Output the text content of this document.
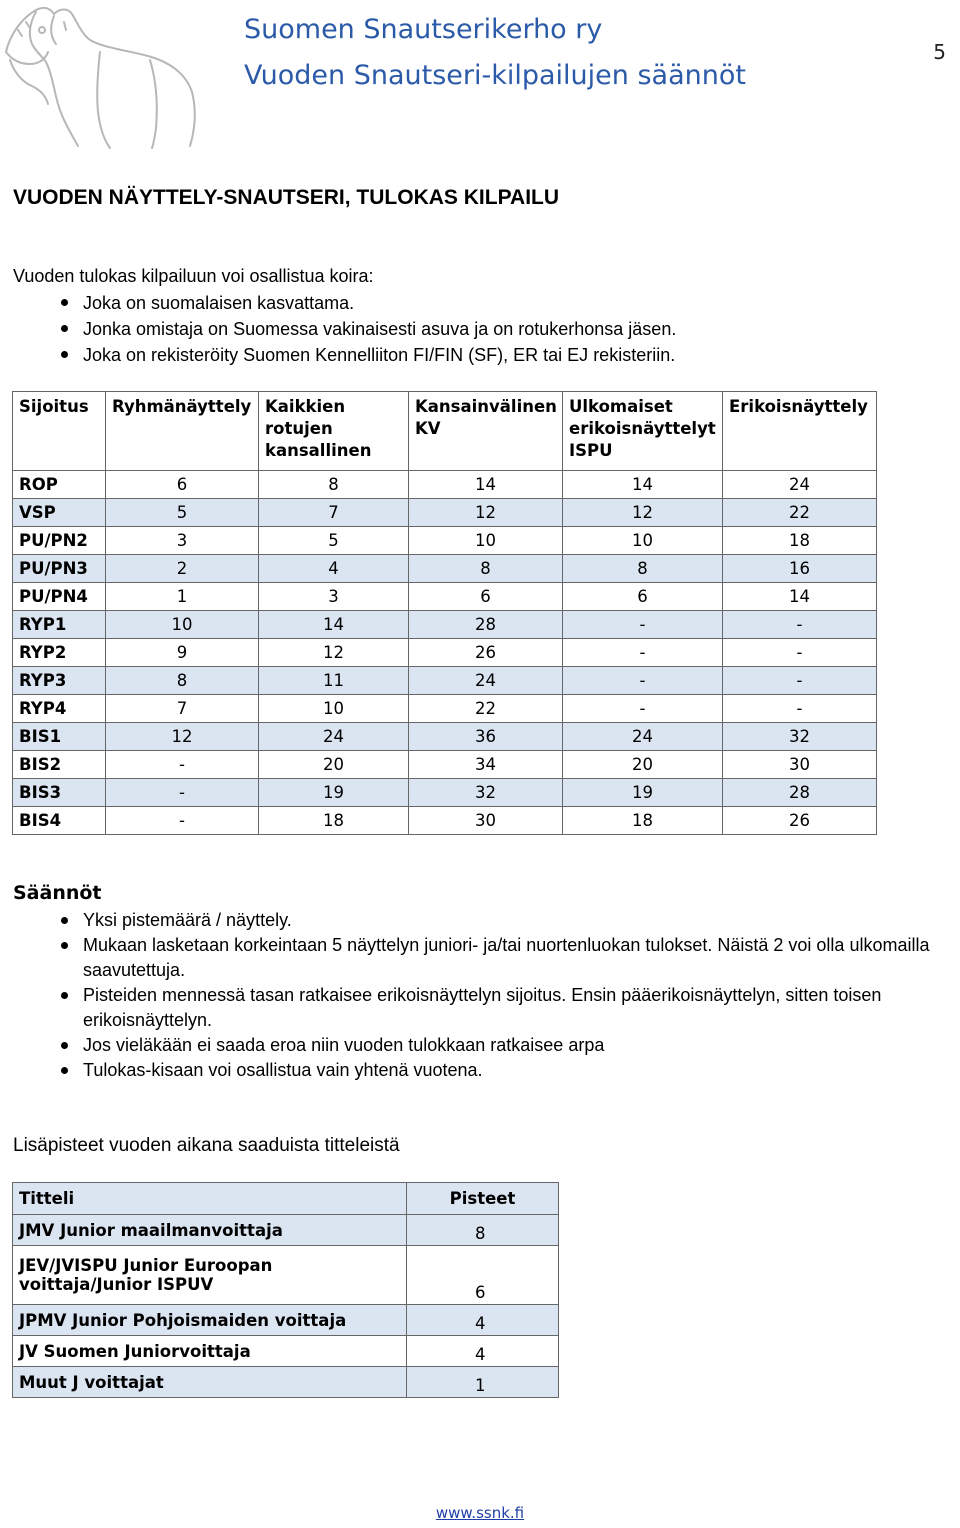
Suomen Snautserikerho ry
Vuoden Snautseri-kilpailujen säännöt
5
VUODEN NÄYTTELY-SNAUTSERI, TULOKAS KILPAILU
Vuoden tulokas kilpailuun voi osallistua koira:
Joka on suomalaisen kasvattama.
Jonka omistaja on Suomessa vakinaisesti asuva ja on rotukerhonsa jäsen.
Joka on rekisteröity Suomen Kennelliiton FI/FIN (SF), ER tai EJ rekisteriin.
Sijoitus	Ryhmänäyttely	Kaikkien rotujen kansallinen	Kansainvälinen KV	Ulkomaiset erikoisnäyttelyt ISPU	Erikoisnäyttely
ROP	6	8	14	14	24
VSP	5	7	12	12	22
PU/PN2	3	5	10	10	18
PU/PN3	2	4	8	8	16
PU/PN4	1	3	6	6	14
RYP1	10	14	28	-	-
RYP2	9	12	26	-	-
RYP3	8	11	24	-	-
RYP4	7	10	22	-	-
BIS1	12	24	36	24	32
BIS2	-	20	34	20	30
BIS3	-	19	32	19	28
BIS4	-	18	30	18	26
Säännöt
Yksi pistemäärä / näyttely.
Mukaan lasketaan korkeintaan 5 näyttelyn juniori- ja/tai nuortenluokan tulokset. Näistä 2 voi olla ulkomailla saavutettuja.
Pisteiden mennessä tasan ratkaisee erikoisnäyttelyn sijoitus. Ensin pääerikoisnäyttelyn, sitten toisen erikoisnäyttelyn.
Jos vieläkään ei saada eroa niin vuoden tulokkaan ratkaisee arpa
Tulokas-kisaan voi osallistua vain yhtenä vuotena.
Lisäpisteet vuoden aikana saaduista titteleistä
Titteli	Pisteet
JMV Junior maailmanvoittaja	8
JEV/JVISPU Junior Euroopan voittaja/Junior ISPUV	6
JPMV Junior Pohjoismaiden voittaja	4
JV Suomen Juniorvoittaja	4
Muut J voittajat	1
www.ssnk.fi
